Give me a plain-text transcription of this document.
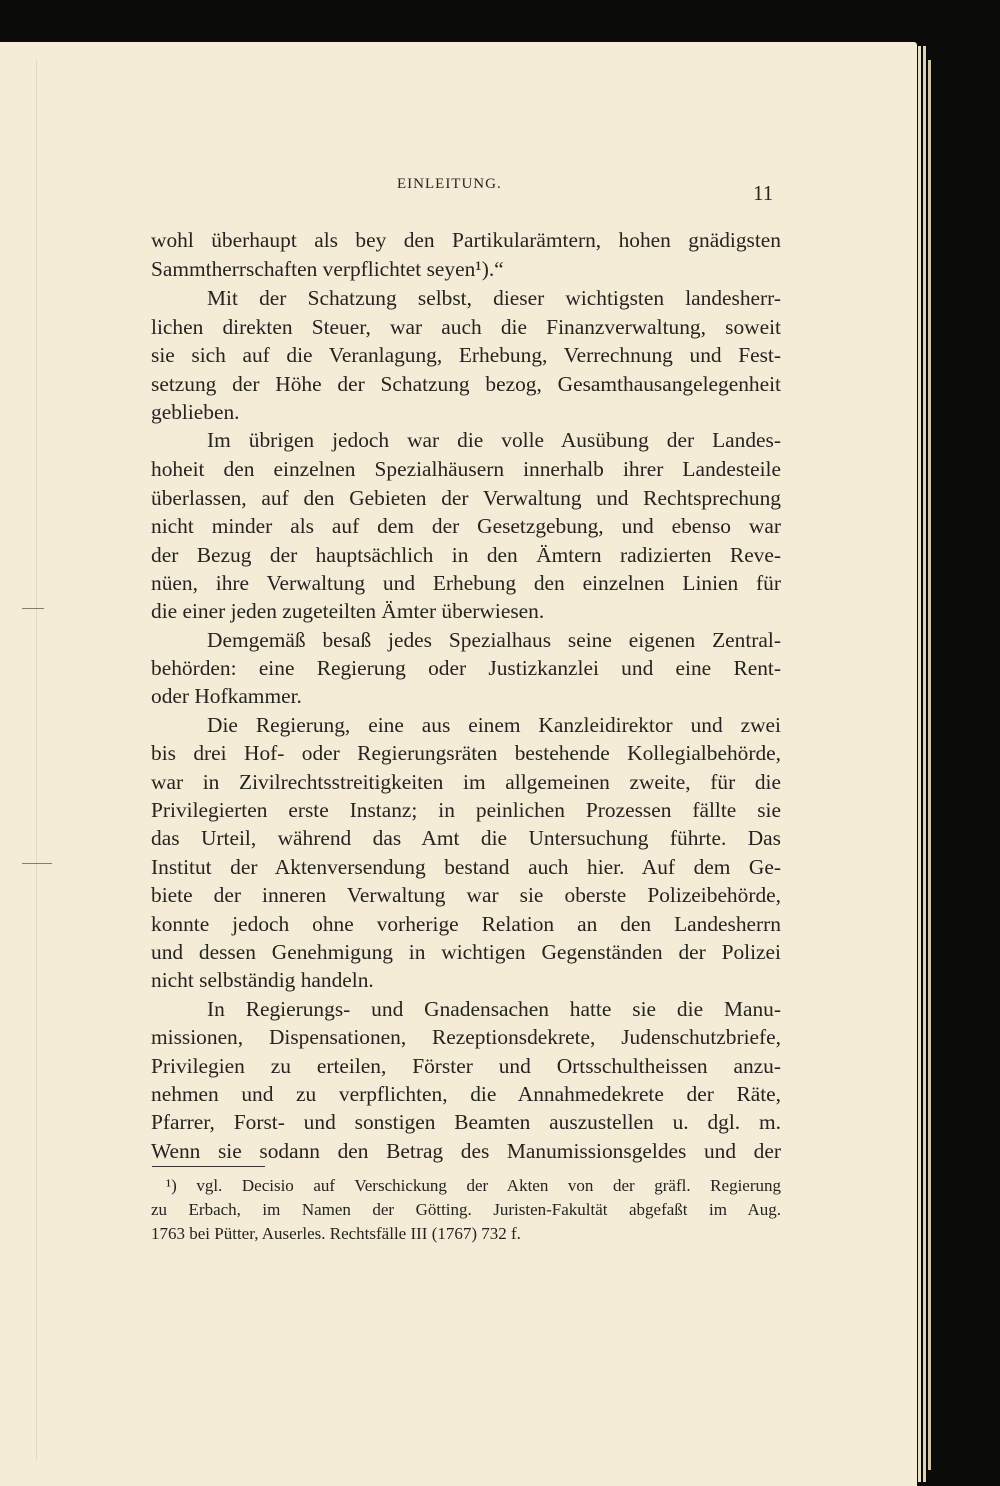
EINLEITUNG.	11
wohl überhaupt als bey den Partikularämtern, hohen gnädigsten
Sammtherrschaften verpflichtet seyen¹).“
Mit der Schatzung selbst, dieser wichtigsten landesherr-
lichen direkten Steuer, war auch die Finanzverwaltung, soweit
sie sich auf die Veranlagung, Erhebung, Verrechnung und Fest-
setzung der Höhe der Schatzung bezog, Gesamthausangelegenheit
geblieben.
Im übrigen jedoch war die volle Ausübung der Landes-
hoheit den einzelnen Spezialhäusern innerhalb ihrer Landesteile
überlassen, auf den Gebieten der Verwaltung und Rechtsprechung
nicht minder als auf dem der Gesetzgebung, und ebenso war
der Bezug der hauptsächlich in den Ämtern radizierten Reve-
nüen, ihre Verwaltung und Erhebung den einzelnen Linien für
die einer jeden zugeteilten Ämter überwiesen.
Demgemäß besaß jedes Spezialhaus seine eigenen Zentral-
behörden: eine Regierung oder Justizkanzlei und eine Rent-
oder Hofkammer.
Die Regierung, eine aus einem Kanzleidirektor und zwei
bis drei Hof- oder Regierungsräten bestehende Kollegialbehörde,
war in Zivilrechtsstreitigkeiten im allgemeinen zweite, für die
Privilegierten erste Instanz; in peinlichen Prozessen fällte sie
das Urteil, während das Amt die Untersuchung führte. Das
Institut der Aktenversendung bestand auch hier. Auf dem Ge-
biete der inneren Verwaltung war sie oberste Polizeibehörde,
konnte jedoch ohne vorherige Relation an den Landesherrn
und dessen Genehmigung in wichtigen Gegenständen der Polizei
nicht selbständig handeln.
In Regierungs- und Gnadensachen hatte sie die Manu-
missionen, Dispensationen, Rezeptionsdekrete, Judenschutzbriefe,
Privilegien zu erteilen, Förster und Ortsschultheissen anzu-
nehmen und zu verpflichten, die Annahmedekrete der Räte,
Pfarrer, Forst- und sonstigen Beamten auszustellen u. dgl. m.
Wenn sie sodann den Betrag des Manumissionsgeldes und der
¹) vgl. Decisio auf Verschickung der Akten von der gräfl. Regierung
zu Erbach, im Namen der Götting. Juristen-Fakultät abgefaßt im Aug.
1763 bei Pütter, Auserles. Rechtsfälle III (1767) 732 f.
